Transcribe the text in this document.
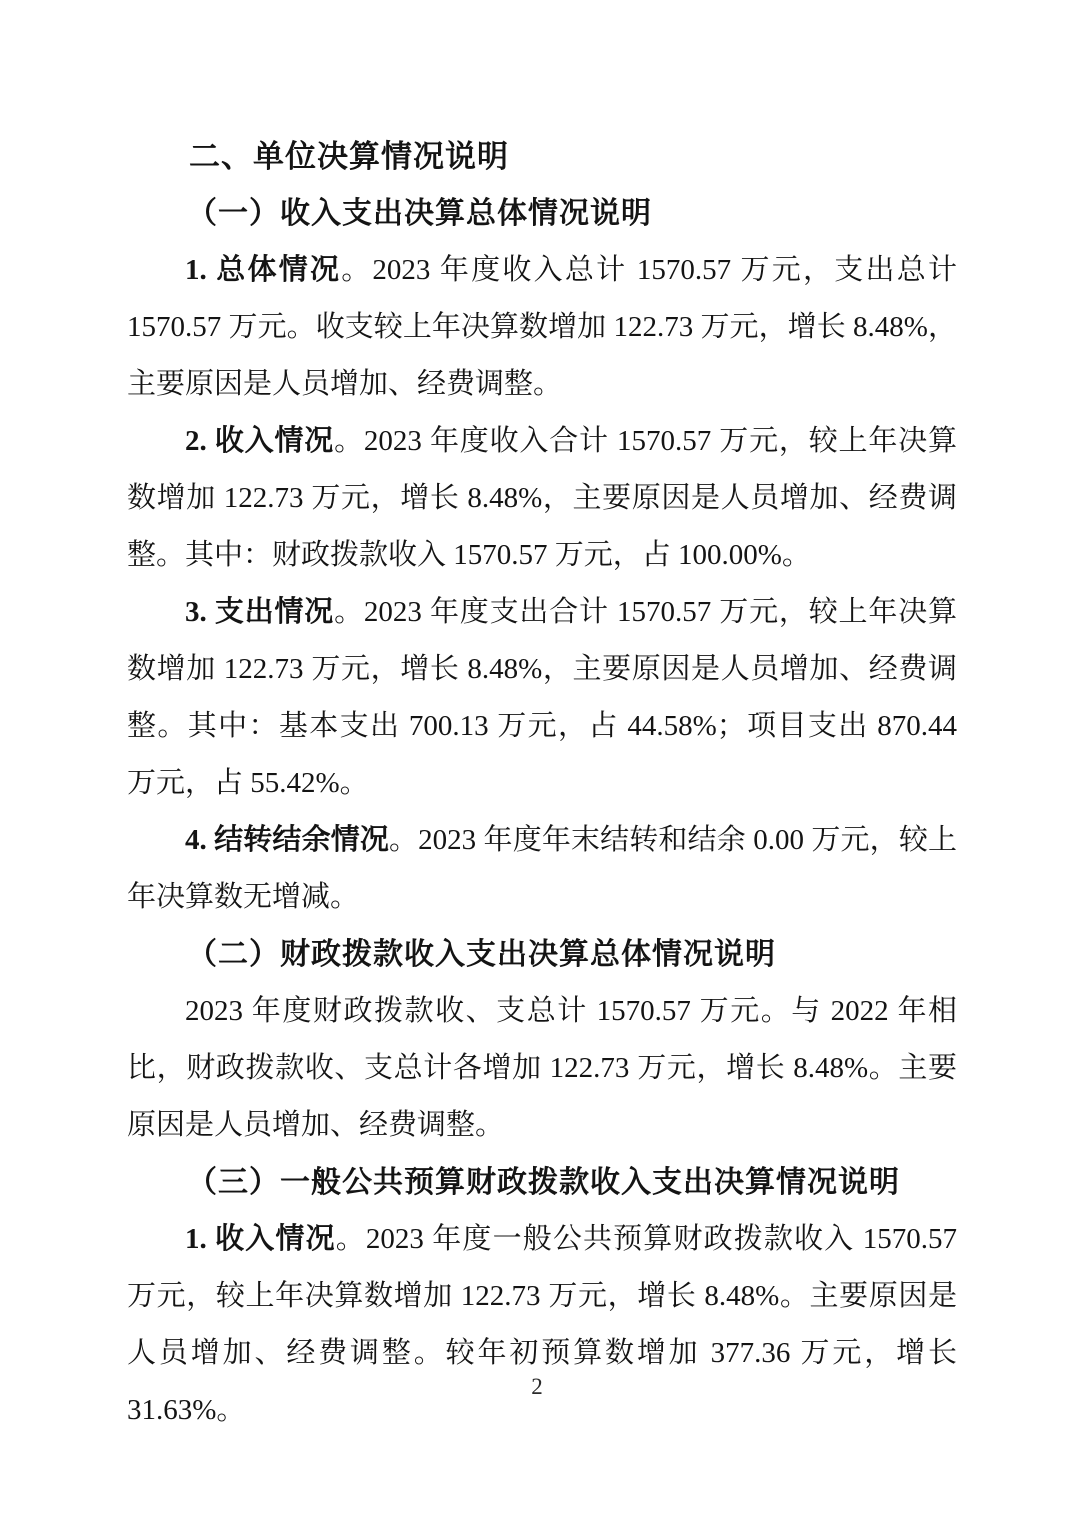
二、单位决算情况说明
（一）收入支出决算总体情况说明

1. 总体情况。2023 年度收入总计 1570.57 万元，支出总计 1570.57 万元。收支较上年决算数增加 122.73 万元，增长 8.48%，主要原因是人员增加、经费调整。

2. 收入情况。2023 年度收入合计 1570.57 万元，较上年决算数增加 122.73 万元，增长 8.48%，主要原因是人员增加、经费调整。其中：财政拨款收入 1570.57 万元，占 100.00%。

3. 支出情况。2023 年度支出合计 1570.57 万元，较上年决算数增加 122.73 万元，增长 8.48%，主要原因是人员增加、经费调整。其中：基本支出 700.13 万元，占 44.58%；项目支出 870.44 万元，占 55.42%。

4. 结转结余情况。2023 年度年末结转和结余 0.00 万元，较上年决算数无增减。

（二）财政拨款收入支出决算总体情况说明

2023 年度财政拨款收、支总计 1570.57 万元。与 2022 年相比，财政拨款收、支总计各增加 122.73 万元，增长 8.48%。主要原因是人员增加、经费调整。

（三）一般公共预算财政拨款收入支出决算情况说明

1. 收入情况。2023 年度一般公共预算财政拨款收入 1570.57 万元，较上年决算数增加 122.73 万元，增长 8.48%。主要原因是人员增加、经费调整。较年初预算数增加 377.36 万元，增长 31.63%。

2
